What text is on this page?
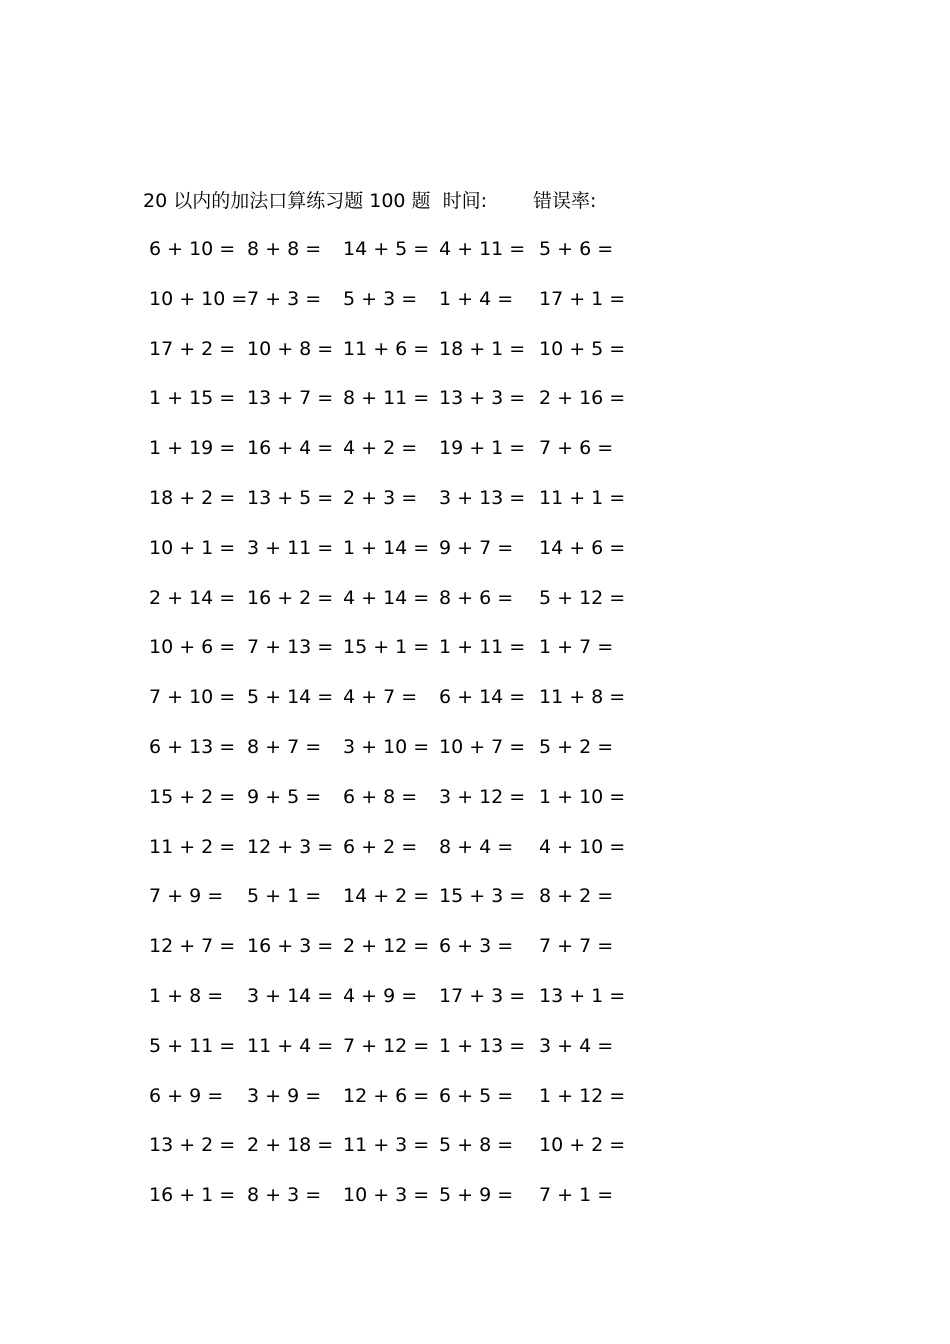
20 以内的加法口算练习题 100 题 时间: 错误率:
6 + 10 = 8 + 8 = 14 + 5 = 4 + 11 = 5 + 6 =
10 + 10 = 7 + 3 = 5 + 3 = 1 + 4 = 17 + 1 =
17 + 2 = 10 + 8 = 11 + 6 = 18 + 1 = 10 + 5 =
1 + 15 = 13 + 7 = 8 + 11 = 13 + 3 = 2 + 16 =
1 + 19 = 16 + 4 = 4 + 2 = 19 + 1 = 7 + 6 =
18 + 2 = 13 + 5 = 2 + 3 = 3 + 13 = 11 + 1 =
10 + 1 = 3 + 11 = 1 + 14 = 9 + 7 = 14 + 6 =
2 + 14 = 16 + 2 = 4 + 14 = 8 + 6 = 5 + 12 =
10 + 6 = 7 + 13 = 15 + 1 = 1 + 11 = 1 + 7 =
7 + 10 = 5 + 14 = 4 + 7 = 6 + 14 = 11 + 8 =
6 + 13 = 8 + 7 = 3 + 10 = 10 + 7 = 5 + 2 =
15 + 2 = 9 + 5 = 6 + 8 = 3 + 12 = 1 + 10 =
11 + 2 = 12 + 3 = 6 + 2 = 8 + 4 = 4 + 10 =
7 + 9 = 5 + 1 = 14 + 2 = 15 + 3 = 8 + 2 =
12 + 7 = 16 + 3 = 2 + 12 = 6 + 3 = 7 + 7 =
1 + 8 = 3 + 14 = 4 + 9 = 17 + 3 = 13 + 1 =
5 + 11 = 11 + 4 = 7 + 12 = 1 + 13 = 3 + 4 =
6 + 9 = 3 + 9 = 12 + 6 = 6 + 5 = 1 + 12 =
13 + 2 = 2 + 18 = 11 + 3 = 5 + 8 = 10 + 2 =
16 + 1 = 8 + 3 = 10 + 3 = 5 + 9 = 7 + 1 =
